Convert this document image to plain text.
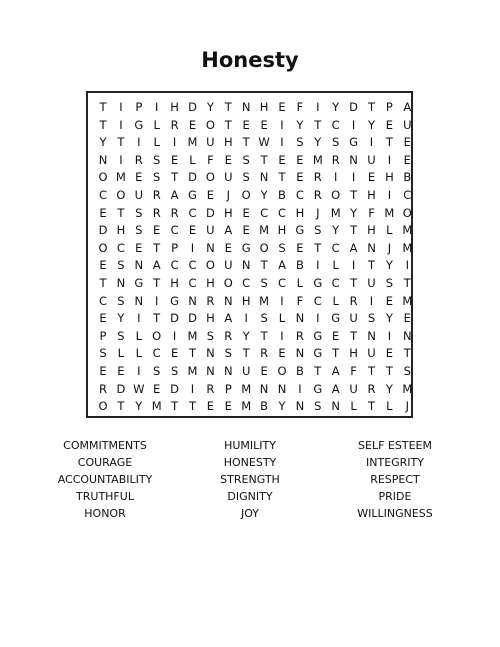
Honesty
T	I	P	I	H D Y T N H E F	I	Y D T P A
T	I	G L R E O T E E	I	Y T C	I	Y E U
Y T	I	L	I M U H T W I	S Y S G	I	T E
N	I	R S E L F E S T E E M R N U	I	E
O M E S T D O U S N T E R	I	I	E H B
C O U R A G E	J	O Y B C R O T H	I	C
E T S R R C D H E C C H	J M Y F M O
D H S E C E U A E M H G S Y T H L M
O C E T P	I	N E G O S E T C A N	J M
E S N A C C O U N T A B	I	L	I	T Y	I
T N G T H C H O C S C L G C T U S T
C S N	I	G N R N H M I	F C L R	I	E M
E Y	I	T D D H A	I	S L N	I	G U S Y E
P S L O	I M S R Y T	I	R G E T N	I	N
S L L C E T N S T R E N G T H U E T
E E	I	S S M N N U E O B T A F T T S
R D W E D	I	R P M N N	I	G A U R Y M
O T Y M T T E E M B Y N S N L T L	J
COMMITMENTS
COURAGE
ACCOUNTABILITY
TRUTHFUL
HONOR
HUMILITY
HONESTY
STRENGTH
DIGNITY
JOY
SELF ESTEEM
INTEGRITY
RESPECT
PRIDE
WILLINGNESS
